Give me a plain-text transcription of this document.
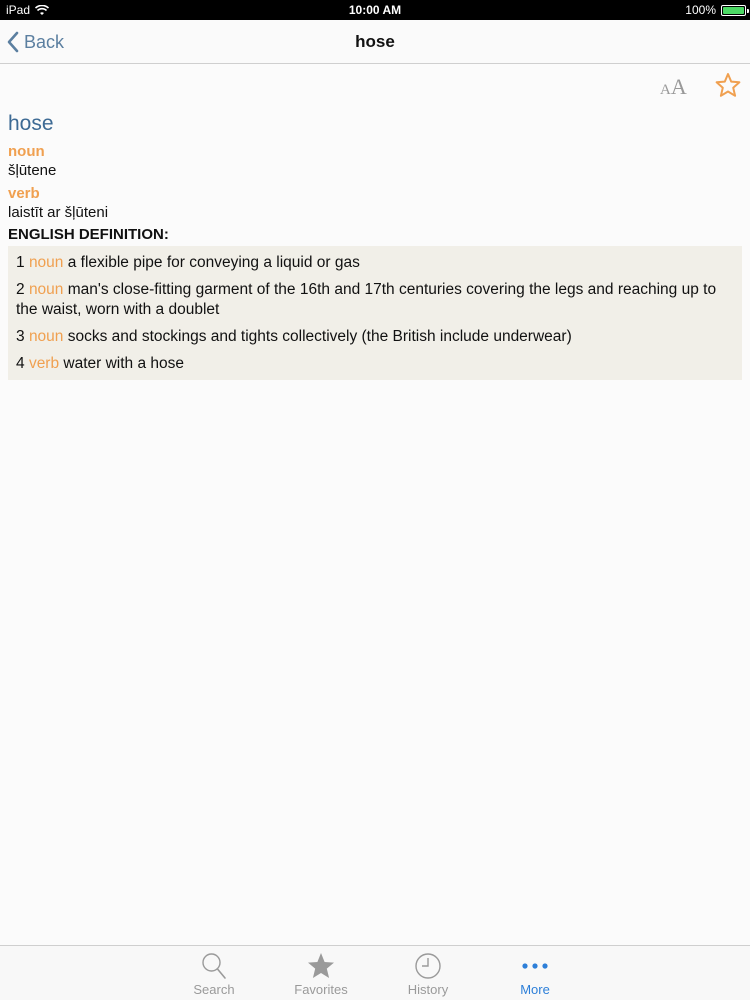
iPad	10:00 AM	100%
Back	hose
A A
hose
noun
šļūtene
verb
laistīt ar šļūteni
ENGLISH DEFINITION:
1 noun a flexible pipe for conveying a liquid or gas
2 noun man's close-fitting garment of the 16th and 17th centuries covering the legs and reaching up to the waist, worn with a doublet
3 noun socks and stockings and tights collectively (the British include underwear)
4 verb water with a hose
Search	Favorites	History	More
